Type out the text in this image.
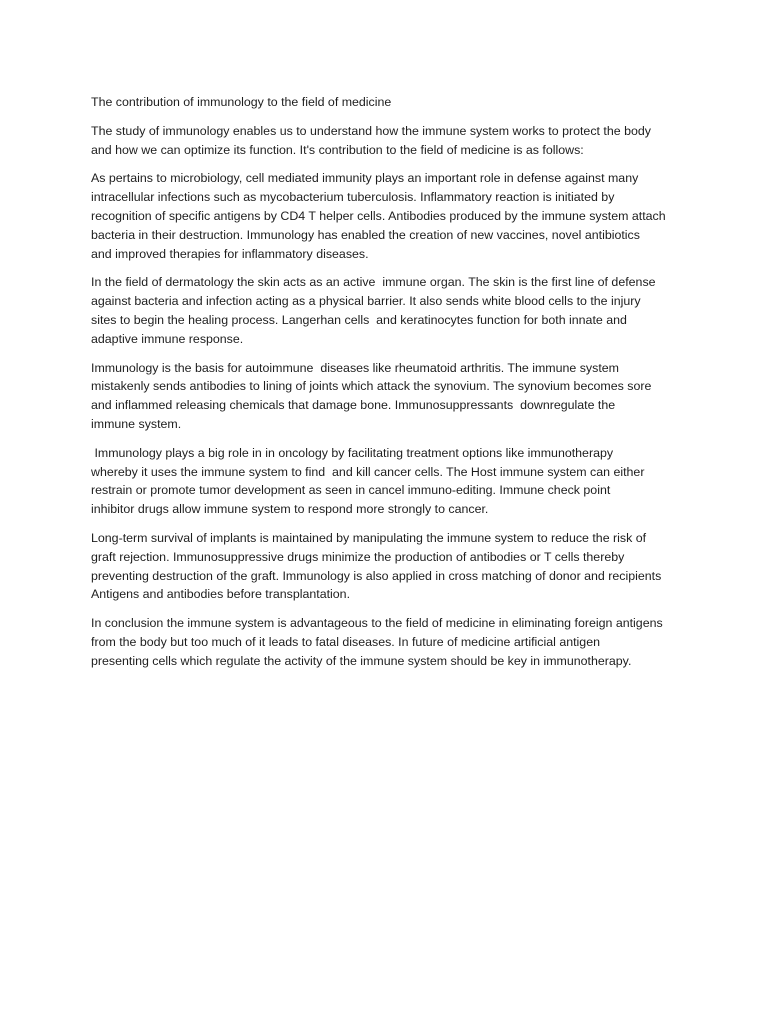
The contribution of immunology to the field of medicine
The study of immunology enables us to understand how the immune system works to protect the body
and how we can optimize its function. It's contribution to the field of medicine is as follows:
As pertains to microbiology, cell mediated immunity plays an important role in defense against many
intracellular infections such as mycobacterium tuberculosis. Inflammatory reaction is initiated by
recognition of specific antigens by CD4 T helper cells. Antibodies produced by the immune system attach
bacteria in their destruction. Immunology has enabled the creation of new vaccines, novel antibiotics
and improved therapies for inflammatory diseases.
In the field of dermatology the skin acts as an active  immune organ. The skin is the first line of defense
against bacteria and infection acting as a physical barrier. It also sends white blood cells to the injury
sites to begin the healing process. Langerhan cells  and keratinocytes function for both innate and
adaptive immune response.
Immunology is the basis for autoimmune  diseases like rheumatoid arthritis. The immune system
mistakenly sends antibodies to lining of joints which attack the synovium. The synovium becomes sore
and inflammed releasing chemicals that damage bone. Immunosuppressants  downregulate the
immune system.
Immunology plays a big role in in oncology by facilitating treatment options like immunotherapy
whereby it uses the immune system to find  and kill cancer cells. The Host immune system can either
restrain or promote tumor development as seen in cancel immuno-editing. Immune check point
inhibitor drugs allow immune system to respond more strongly to cancer.
Long-term survival of implants is maintained by manipulating the immune system to reduce the risk of
graft rejection. Immunosuppressive drugs minimize the production of antibodies or T cells thereby
preventing destruction of the graft. Immunology is also applied in cross matching of donor and recipients
Antigens and antibodies before transplantation.
In conclusion the immune system is advantageous to the field of medicine in eliminating foreign antigens
from the body but too much of it leads to fatal diseases. In future of medicine artificial antigen
presenting cells which regulate the activity of the immune system should be key in immunotherapy.
